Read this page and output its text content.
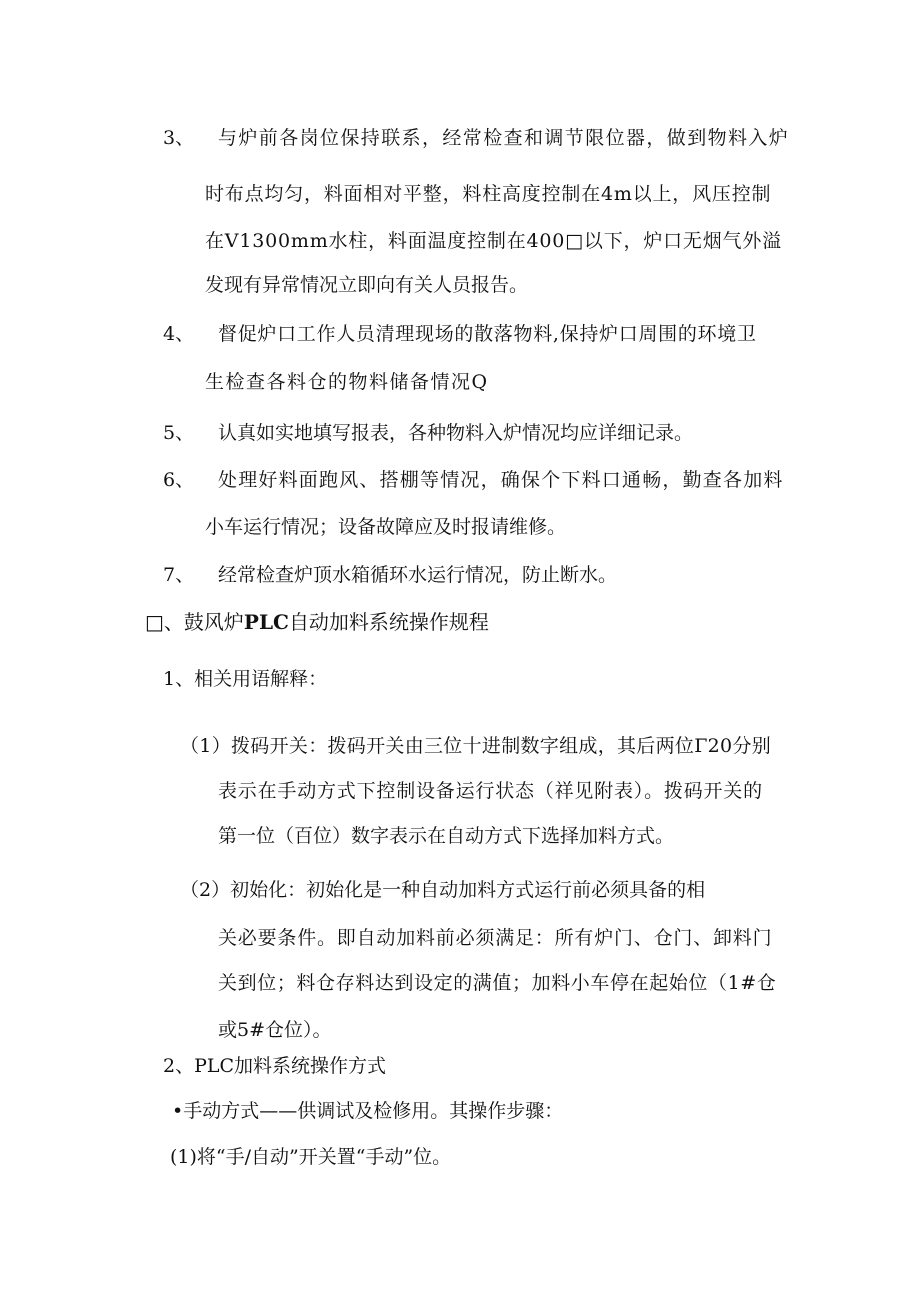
3、 与炉前各岗位保持联系，经常检查和调节限位器，做到物料入炉
时布点均匀，料面相对平整，料柱高度控制在4m以上，风压控制
在V1300mm水柱，料面温度控制在400□以下，炉口无烟气外溢
发现有异常情况立即向有关人员报告。
4、 督促炉口工作人员清理现场的散落物料,保持炉口周围的环境卫
生检查各料仓的物料储备情况Q
5、 认真如实地填写报表，各种物料入炉情况均应详细记录。
6、 处理好料面跑风、搭棚等情况，确保个下料口通畅，勤查各加料
小车运行情况；设备故障应及时报请维修。
7、 经常检查炉顶水箱循环水运行情况，防止断水。
□、鼓风炉PLC自动加料系统操作规程
1、相关用语解释：
（1）拨码开关：拨码开关由三位十进制数字组成，其后两位Γ20分别
表示在手动方式下控制设备运行状态（祥见附表）。拨码开关的
第一位（百位）数字表示在自动方式下选择加料方式。
（2）初始化：初始化是一种自动加料方式运行前必须具备的相
关必要条件。即自动加料前必须满足：所有炉门、仓门、卸料门
关到位；料仓存料达到设定的满值；加料小车停在起始位（1#仓
或5#仓位）。
2、PLC加料系统操作方式
•手动方式——供调试及检修用。其操作步骤：
(1)将“手/自动”开关置“手动”位。
